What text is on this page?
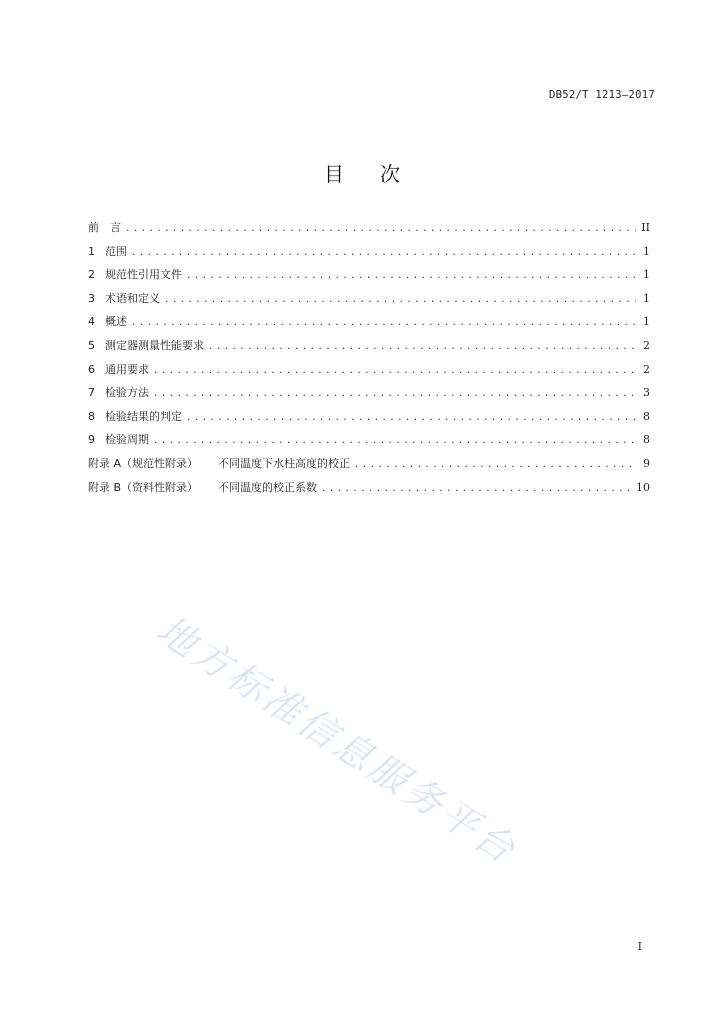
DB52/T 1213—2017
目 次
前　言 .....	II
1 范围 .....	1
2 规范性引用文件 .....	1
3 术语和定义 .....	1
4 概述 .....	1
5 测定器测量性能要求 .....	2
6 通用要求 .....	2
7 检验方法 .....	3
8 检验结果的判定 .....	8
9 检验周期 .....	8
附录 A（规范性附录） 不同温度下水柱高度的校正 .....	9
附录 B（资料性附录） 不同温度的校正系数 .....	10
地方标准信息服务平台
I
